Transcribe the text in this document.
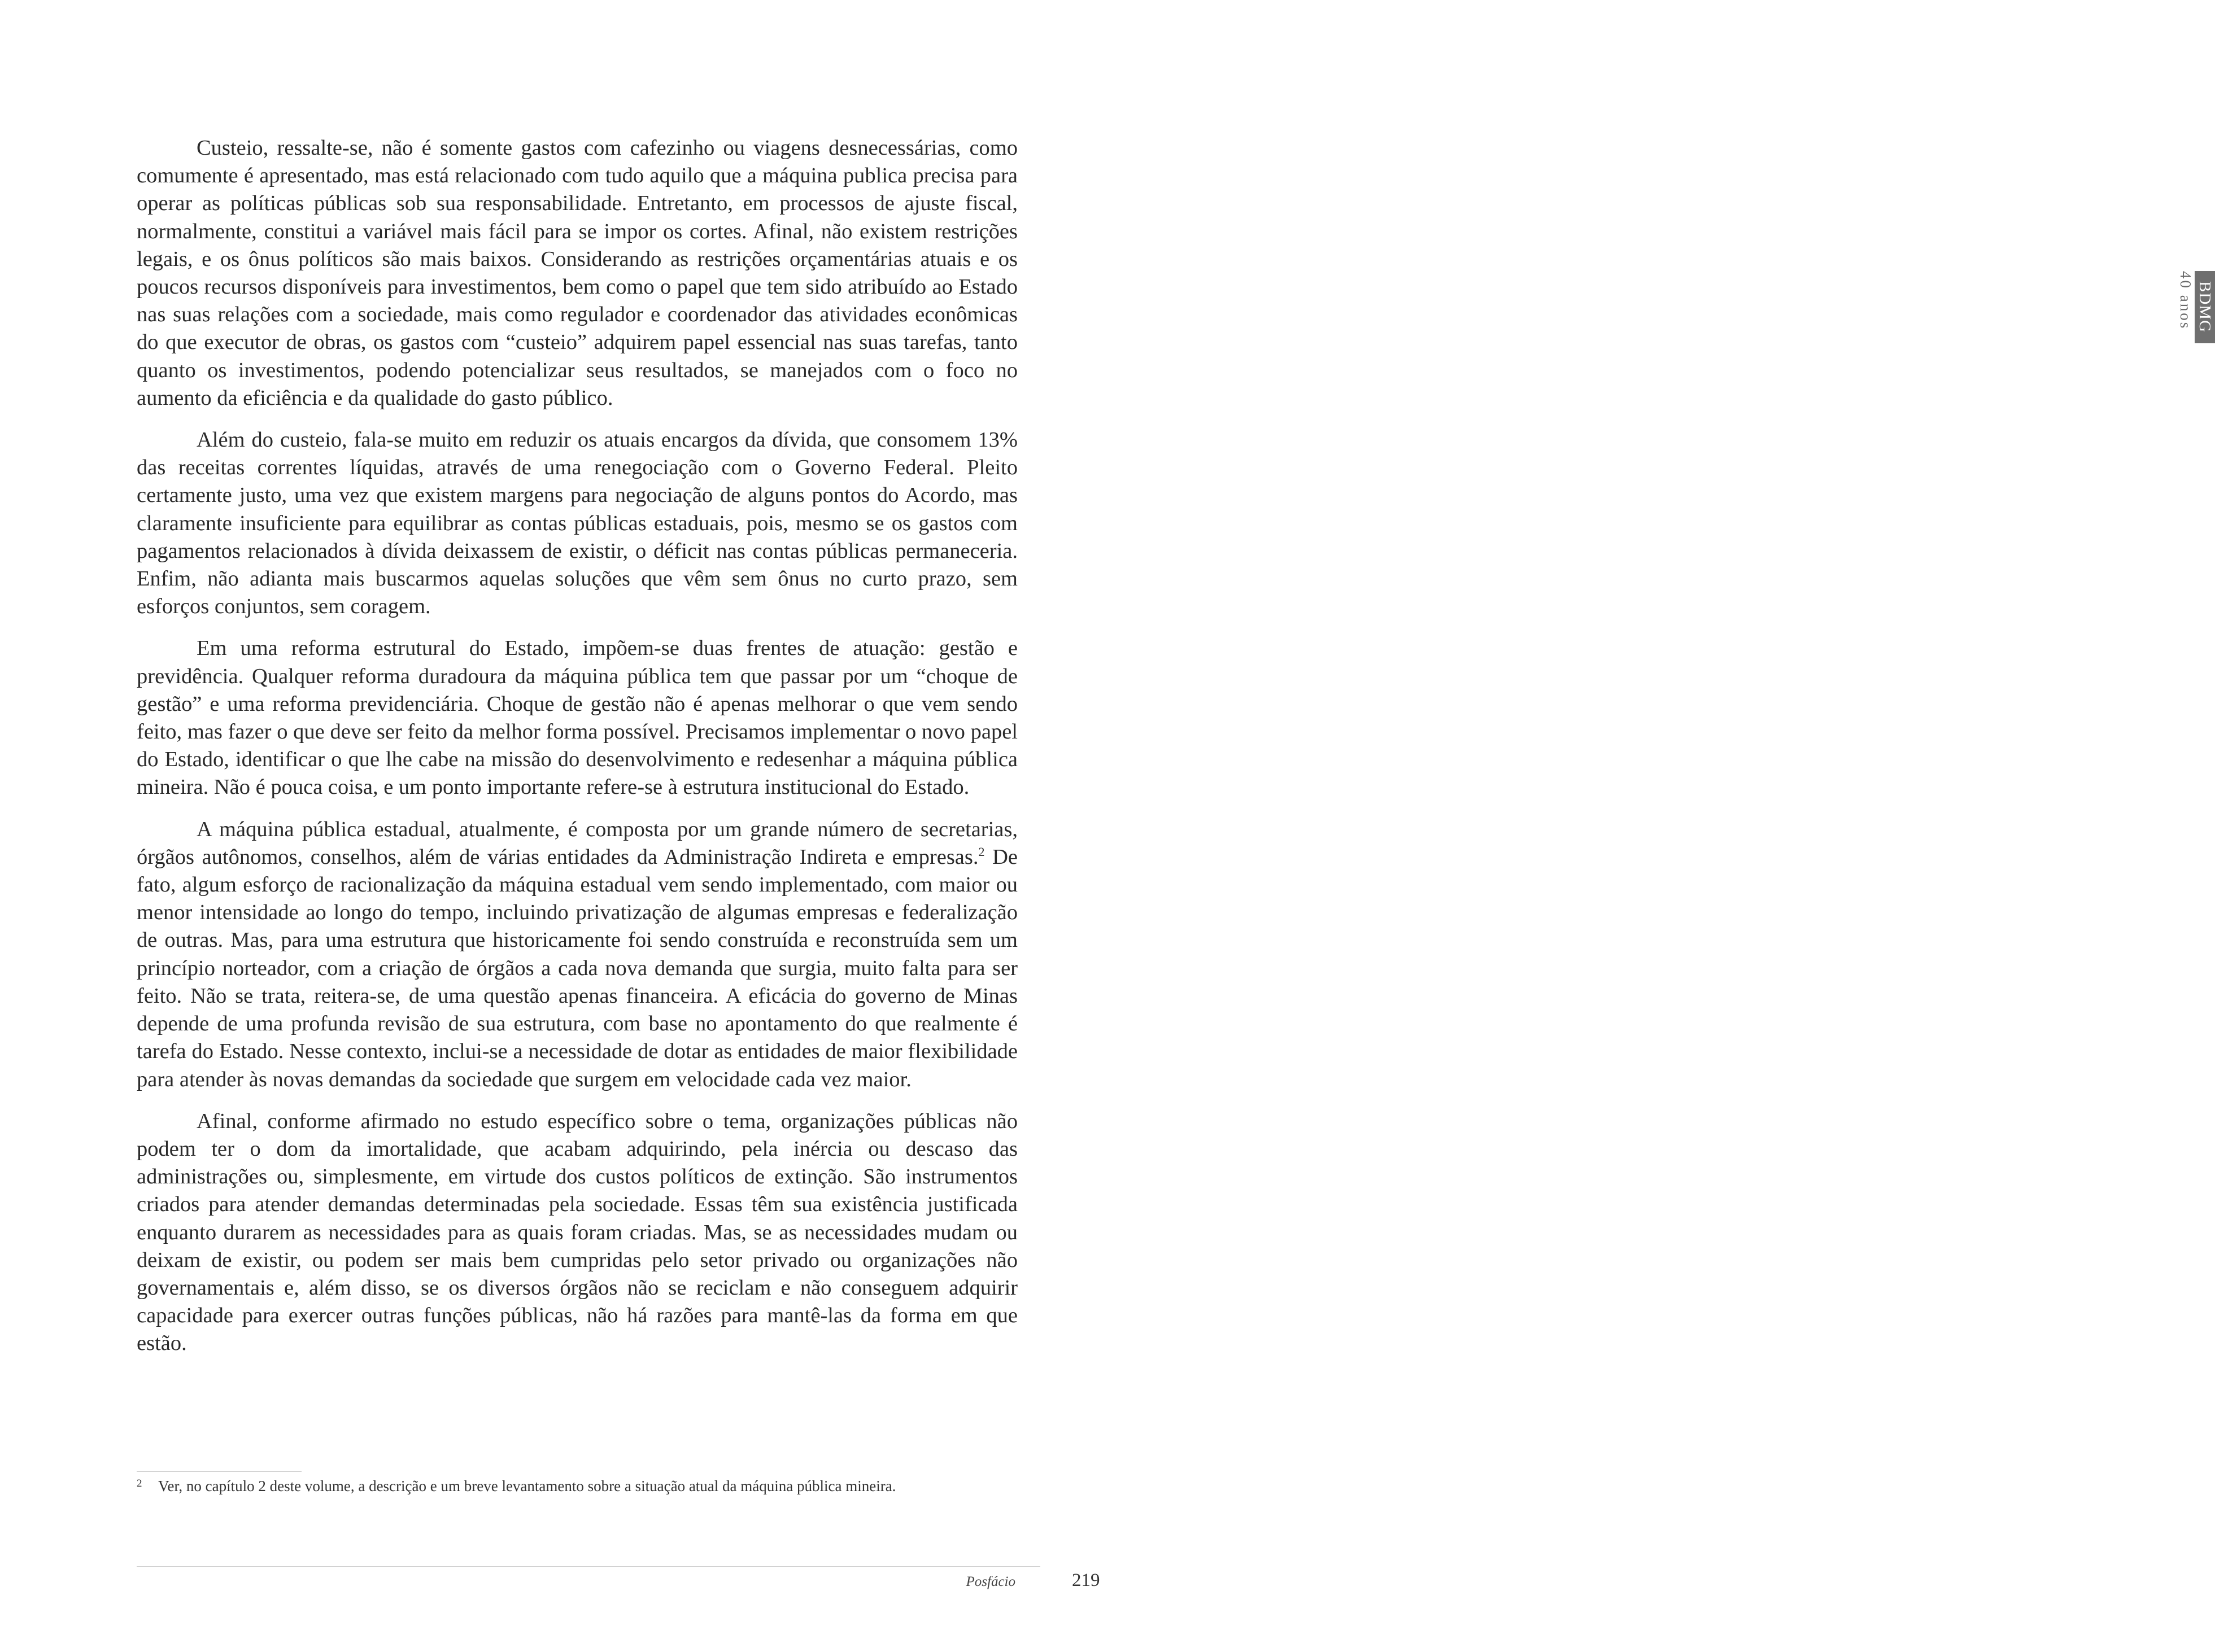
BDMG
40 anos

Custeio, ressalte-se, não é somente gastos com cafezinho ou viagens desnecessárias, como comumente é apresentado, mas está relacionado com tudo aquilo que a máquina publica precisa para operar as políticas públicas sob sua responsabilidade. Entretanto, em processos de ajuste fiscal, normalmente, constitui a variável mais fácil para se impor os cortes. Afinal, não existem restrições legais, e os ônus políticos são mais baixos. Considerando as restrições orçamentárias atuais e os poucos recursos disponíveis para investimentos, bem como o papel que tem sido atribuído ao Estado nas suas relações com a sociedade, mais como regulador e coordenador das atividades econômicas do que executor de obras, os gastos com “custeio” adquirem papel essencial nas suas tarefas, tanto quanto os investimentos, podendo potencializar seus resultados, se manejados com o foco no aumento da eficiência e da qualidade do gasto público.

Além do custeio, fala-se muito em reduzir os atuais encargos da dívida, que consomem 13% das receitas correntes líquidas, através de uma renegociação com o Governo Federal. Pleito certamente justo, uma vez que existem margens para negociação de alguns pontos do Acordo, mas claramente insuficiente para equilibrar as contas públicas estaduais, pois, mesmo se os gastos com pagamentos relacionados à dívida deixassem de existir, o déficit nas contas públicas permaneceria. Enfim, não adianta mais buscarmos aquelas soluções que vêm sem ônus no curto prazo, sem esforços conjuntos, sem coragem.

Em uma reforma estrutural do Estado, impõem-se duas frentes de atuação: gestão e previdência. Qualquer reforma duradoura da máquina pública tem que passar por um “choque de gestão” e uma reforma previdenciária. Choque de gestão não é apenas melhorar o que vem sendo feito, mas fazer o que deve ser feito da melhor forma possível. Precisamos implementar o novo papel do Estado, identificar o que lhe cabe na missão do desenvolvimento e redesenhar a máquina pública mineira. Não é pouca coisa, e um ponto importante refere-se à estrutura institucional do Estado.

A máquina pública estadual, atualmente, é composta por um grande número de secretarias, órgãos autônomos, conselhos, além de várias entidades da Administração Indireta e empresas.$^2$ De fato, algum esforço de racionalização da máquina estadual vem sendo implementado, com maior ou menor intensidade ao longo do tempo, incluindo privatização de algumas empresas e federalização de outras. Mas, para uma estrutura que historicamente foi sendo construída e reconstruída sem um princípio norteador, com a criação de órgãos a cada nova demanda que surgia, muito falta para ser feito. Não se trata, reitera-se, de uma questão apenas financeira. A eficácia do governo de Minas depende de uma profunda revisão de sua estrutura, com base no apontamento do que realmente é tarefa do Estado. Nesse contexto, inclui-se a necessidade de dotar as entidades de maior flexibilidade para atender às novas demandas da sociedade que surgem em velocidade cada vez maior.

Afinal, conforme afirmado no estudo específico sobre o tema, organizações públicas não podem ter o dom da imortalidade, que acabam adquirindo, pela inércia ou descaso das administrações ou, simplesmente, em virtude dos custos políticos de extinção. São instrumentos criados para atender demandas determinadas pela sociedade. Essas têm sua existência justificada enquanto durarem as necessidades para as quais foram criadas. Mas, se as necessidades mudam ou deixam de existir, ou podem ser mais bem cumpridas pelo setor privado ou organizações não governamentais e, além disso, se os diversos órgãos não se reciclam e não conseguem adquirir capacidade para exercer outras funções públicas, não há razões para mantê-las da forma em que estão.

2 Ver, no capítulo 2 deste volume, a descrição e um breve levantamento sobre a situação atual da máquina pública mineira.
Posfácio	219
